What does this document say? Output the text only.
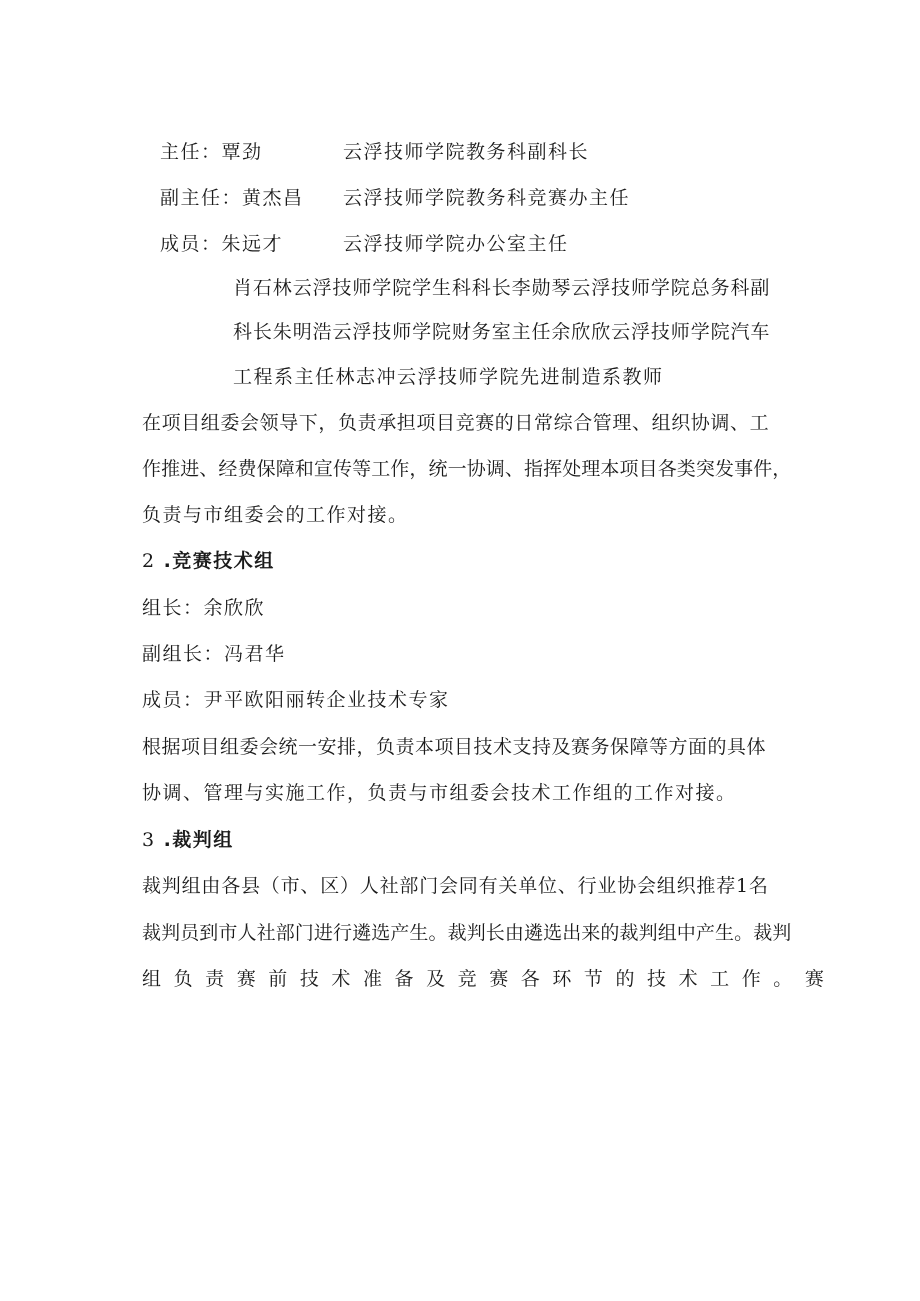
主任：覃劲	云浮技师学院教务科副科长
副主任：黄杰昌 云浮技师学院教务科竞赛办主任
成员：朱远才	云浮技师学院办公室主任
肖石林云浮技师学院学生科科长李勋琴云浮技师学院总务科副
科长朱明浩云浮技师学院财务室主任余欣欣云浮技师学院汽车
工程系主任林志冲云浮技师学院先进制造系教师
在项目组委会领导下，负责承担项目竞赛的日常综合管理、组织协调、工
作推进、经费保障和宣传等工作，统一协调、指挥处理本项目各类突发事件，
负责与市组委会的工作对接。
2 .竞赛技术组
组长：余欣欣
副组长：冯君华
成员：尹平欧阳丽转企业技术专家
根据项目组委会统一安排，负责本项目技术支持及赛务保障等方面的具体
协调、管理与实施工作，负责与市组委会技术工作组的工作对接。
3 .裁判组
裁判组由各县（市、区）人社部门会同有关单位、行业协会组织推荐1名
裁判员到市人社部门进行遴选产生。裁判长由遴选出来的裁判组中产生。裁判
组 负 责 赛 前 技 术 准 备 及 竞 赛 各 环 节 的 技 术 工 作 。 赛
